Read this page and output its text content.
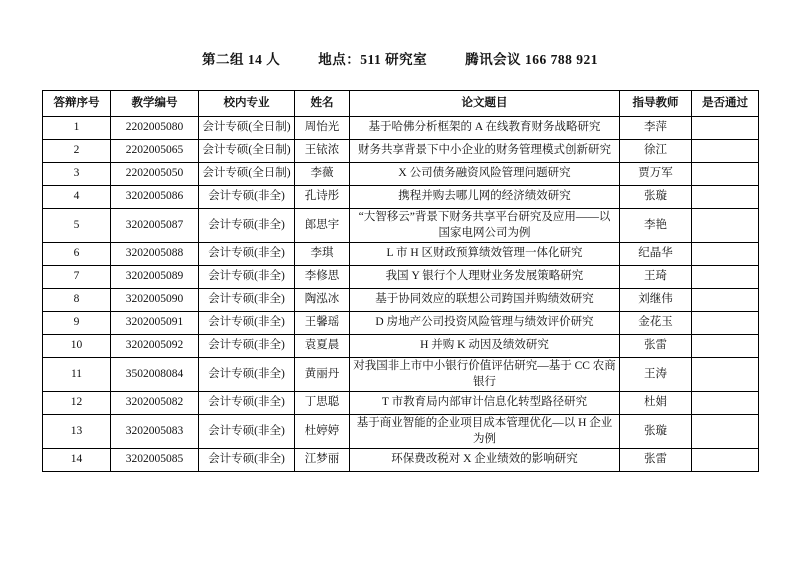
第二组 14 人	地点：511 研究室	腾讯会议 166 788 921
答辩序号	教学编号	校内专业	姓名	论文题目	指导教师	是否通过
1	2202005080	会计专硕(全日制)	周怡光	基于哈佛分析框架的 A 在线教育财务战略研究	李萍	
2	2202005065	会计专硕(全日制)	王铱浓	财务共享背景下中小企业的财务管理模式创新研究	徐江	
3	2202005050	会计专硕(全日制)	李薇	X 公司债务融资风险管理问题研究	贾万军	
4	3202005086	会计专硕(非全)	孔诗彤	携程并购去哪儿网的经济绩效研究	张璇	
5	3202005087	会计专硕(非全)	郎思宇	“大智移云”背景下财务共享平台研究及应用——以国家电网公司为例	李艳	
6	3202005088	会计专硕(非全)	李琪	L 市 H 区财政预算绩效管理一体化研究	纪晶华	
7	3202005089	会计专硕(非全)	李修思	我国 Y 银行个人理财业务发展策略研究	王琦	
8	3202005090	会计专硕(非全)	陶泓冰	基于协同效应的联想公司跨国并购绩效研究	刘继伟	
9	3202005091	会计专硕(非全)	王馨瑶	D 房地产公司投资风险管理与绩效评价研究	金花玉	
10	3202005092	会计专硕(非全)	袁夏晨	H 并购 K 动因及绩效研究	张雷	
11	3502008084	会计专硕(非全)	黄丽丹	对我国非上市中小银行价值评估研究—基于 CC 农商银行	王涛	
12	3202005082	会计专硕(非全)	丁思聪	T 市教育局内部审计信息化转型路径研究	杜娟	
13	3202005083	会计专硕(非全)	杜婷婷	基于商业智能的企业项目成本管理优化—以 H 企业为例	张璇	
14	3202005085	会计专硕(非全)	江梦丽	环保费改税对 X 企业绩效的影响研究	张雷	
